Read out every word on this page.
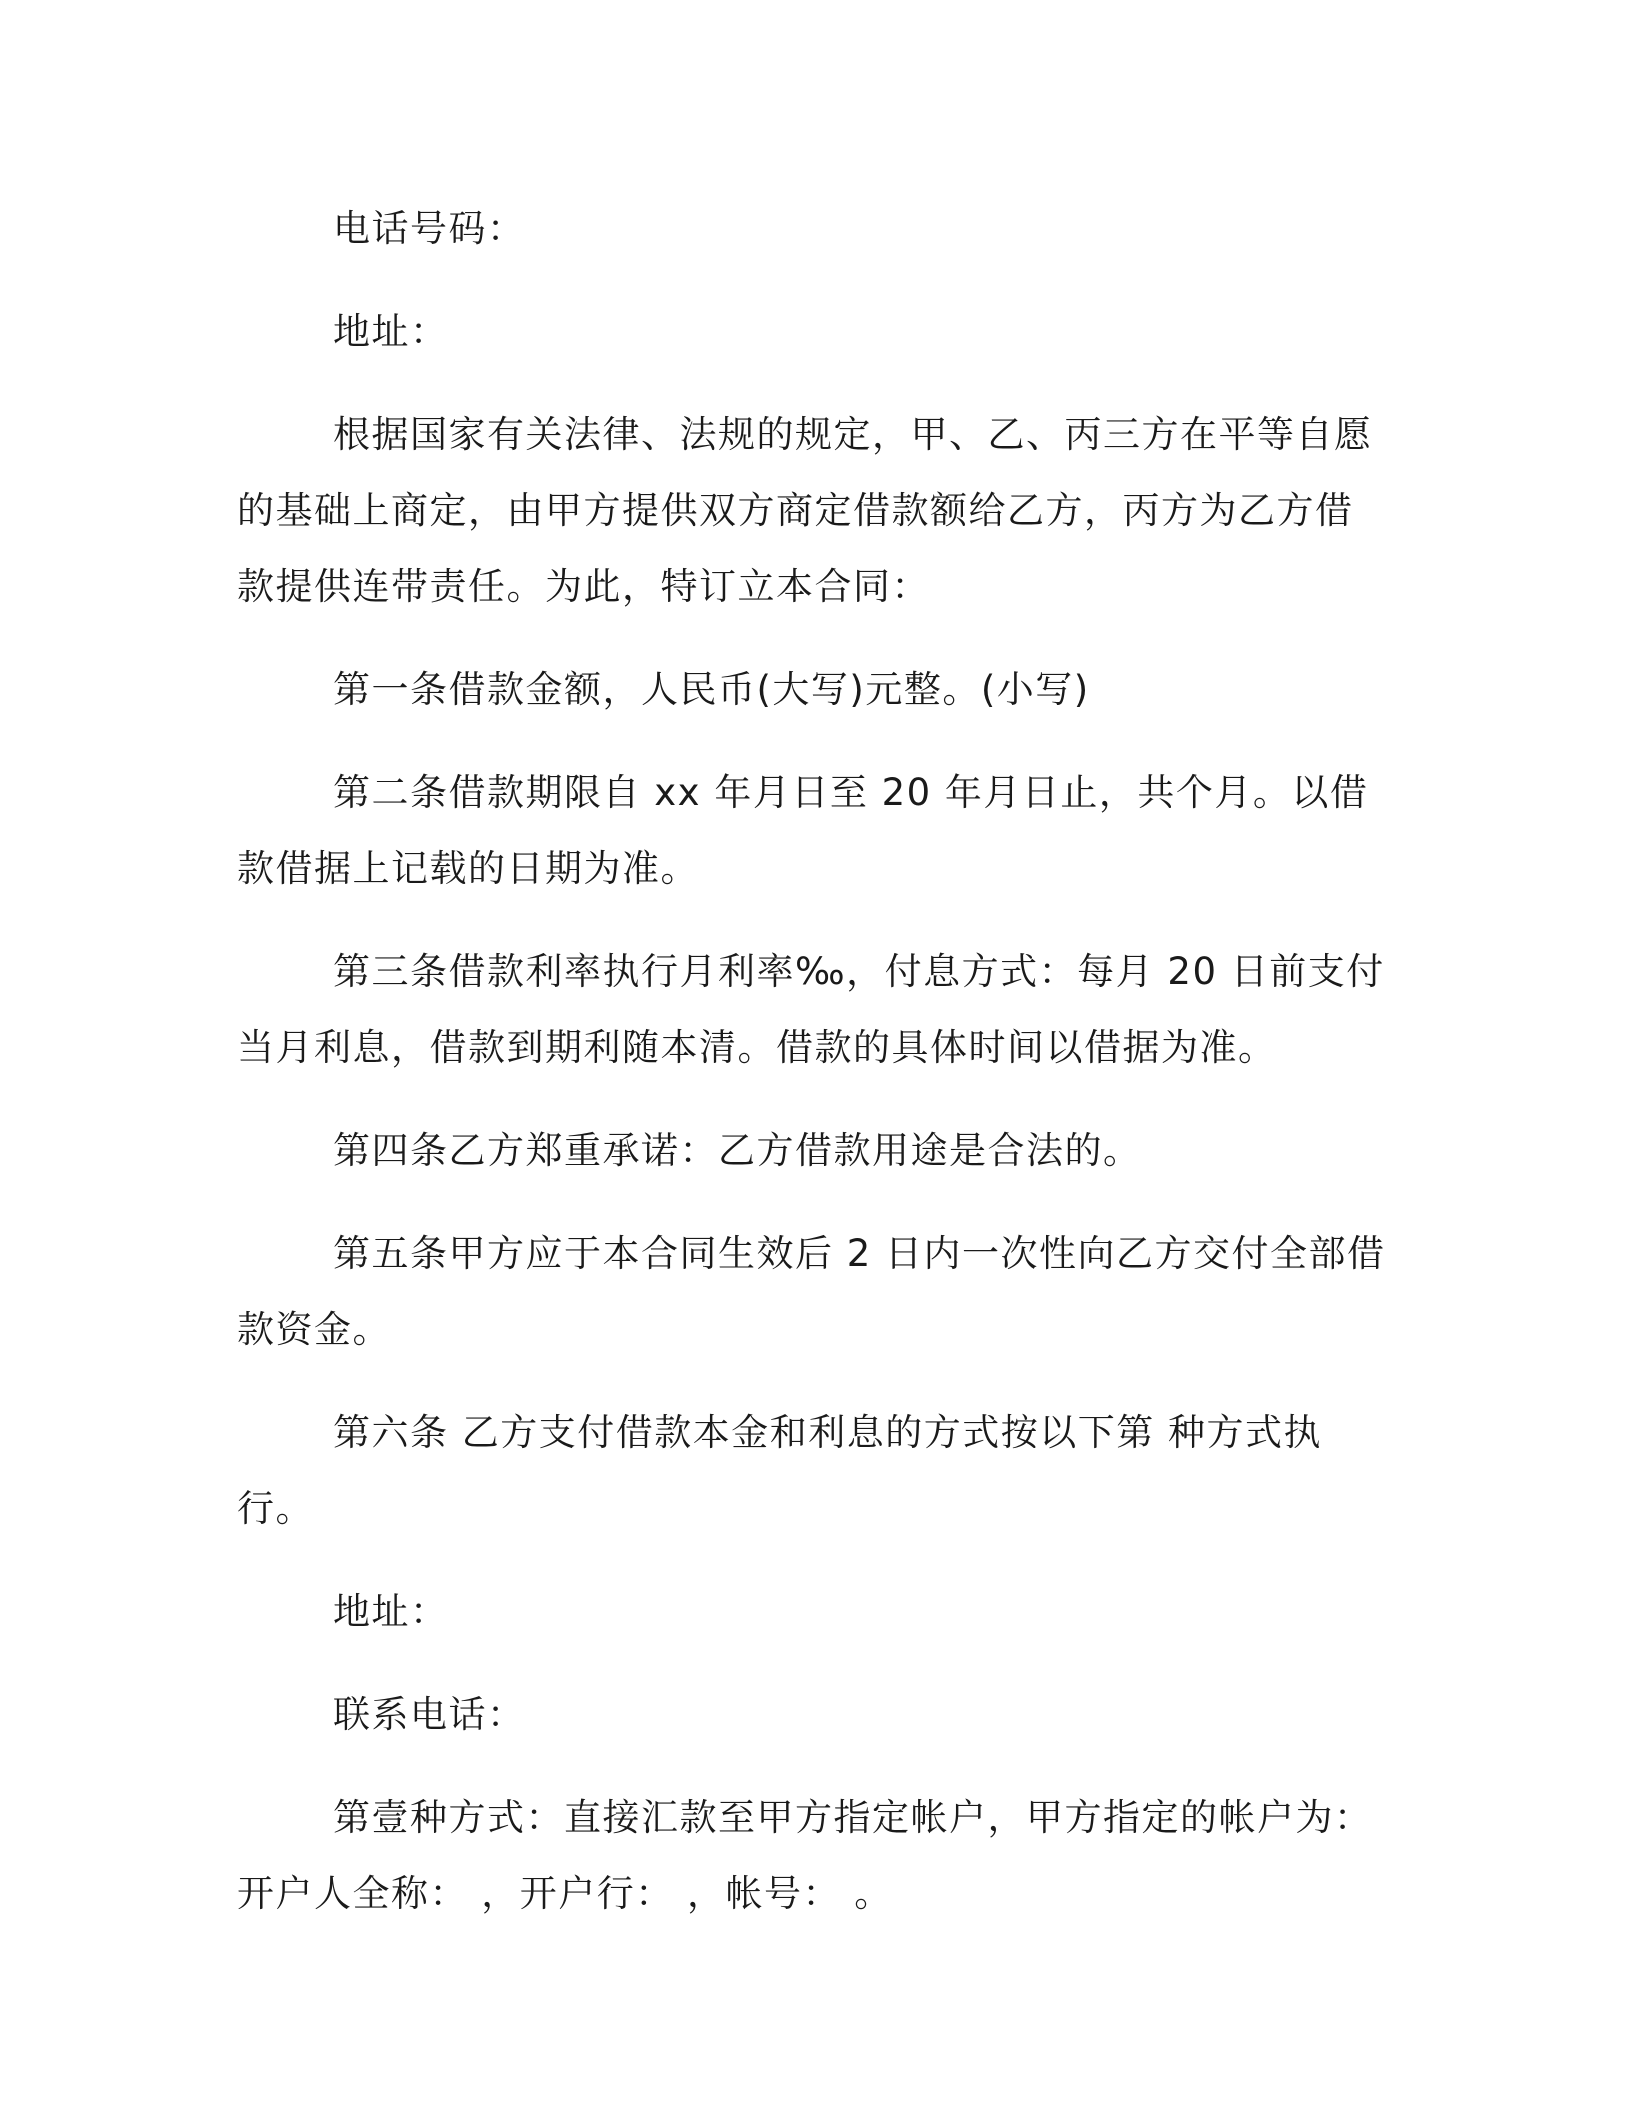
电话号码：

地址：

根据国家有关法律、法规的规定，甲、乙、丙三方在平等自愿的基础上商定，由甲方提供双方商定借款额给乙方，丙方为乙方借款提供连带责任。为此，特订立本合同：

第一条借款金额，人民币(大写)元整。(小写)

第二条借款期限自 xx 年月日至 20 年月日止，共个月。以借款借据上记载的日期为准。

第三条借款利率执行月利率‰，付息方式：每月 20 日前支付当月利息，借款到期利随本清。借款的具体时间以借据为准。

第四条乙方郑重承诺：乙方借款用途是合法的。

第五条甲方应于本合同生效后 2 日内一次性向乙方交付全部借款资金。

第六条 乙方支付借款本金和利息的方式按以下第 种方式执行。

地址：

联系电话：

第壹种方式：直接汇款至甲方指定帐户，甲方指定的帐户为：开户人全称： ，开户行： ，帐号： 。
